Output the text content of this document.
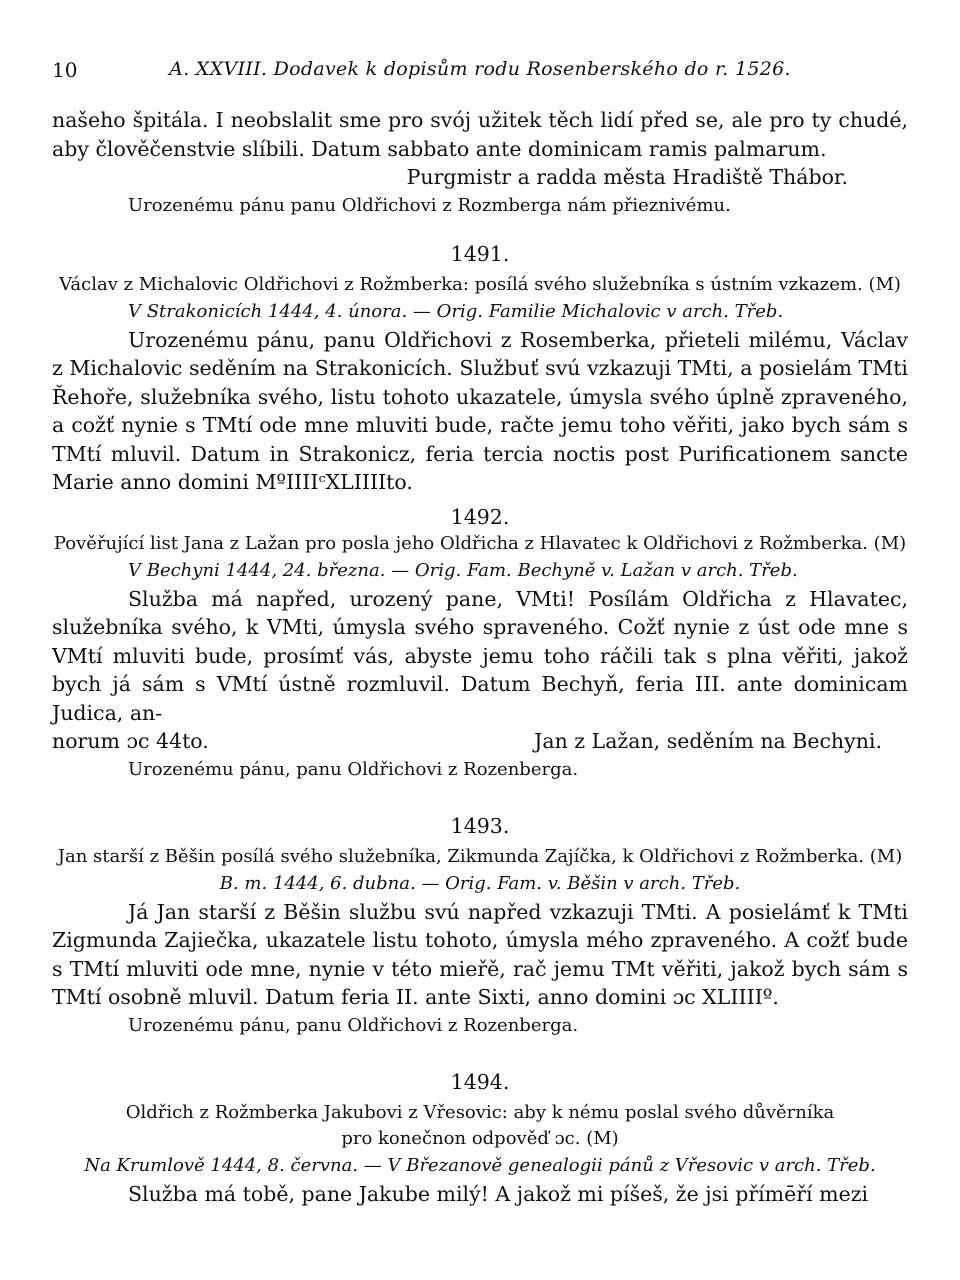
10	A. XXVIII. Dodavek k dopisům rodu Rosenberského do r. 1526.

našeho špitála. I neobslalit sme pro svój užitek těch lidí před se, ale pro ty chudé, aby člověčenstvie slíbili. Datum sabbato ante dominicam ramis palmarum.

Purgmistr a radda města Hradiště Thábor.

Urozenému pánu panu Oldřichovi z Rozmberga nám přieznivému.

1491.

Václav z Michalovic Oldřichovi z Rožmberka: posílá svého služebníka s ústním vzkazem. (M)

V Strakonicích 1444, 4. února. — Orig. Familie Michalovic v arch. Třeb.

Urozenému pánu, panu Oldřichovi z Rosemberka, přieteli milému, Václav z Michalovic seděním na Strakonicích. Službuť svú vzkazuji TMti, a posielám TMti Řehoře, služebníka svého, listu tohoto ukazatele, úmysla svého úplně zpraveného, a cožť nynie s TMtí ode mne mluviti bude, račte jemu toho věřiti, jako bych sám s TMtí mluvil. Datum in Strakonicz, feria tercia noctis post Purificationem sancte Marie anno domini MºIIIIᶜXLIIIIto.

1492.

Pověřující list Jana z Lažan pro posla jeho Oldřicha z Hlavatec k Oldřichovi z Rožmberka. (M)

V Bechyni 1444, 24. března. — Orig. Fam. Bechyně v. Lažan v arch. Třeb.

Služba má napřed, urozený pane, VMti! Posílám Oldřicha z Hlavatec, služebníka svého, k VMti, úmysla svého spraveného. Cožť nynie z úst ode mne s VMtí mluviti bude, prosímť vás, abyste jemu toho ráčili tak s plna věřiti, jakož bych já sám s VMtí ústně rozmluvil. Datum Bechyň, feria III. ante dominicam Judica, an-

norum ɔc 44to.	Jan z Lažan, seděním na Bechyni.

Urozenému pánu, panu Oldřichovi z Rozenberga.

1493.

Jan starší z Běšin posílá svého služebníka, Zikmunda Zajíčka, k Oldřichovi z Rožmberka. (M)

B. m. 1444, 6. dubna. — Orig. Fam. v. Běšin v arch. Třeb.

Já Jan starší z Běšin službu svú napřed vzkazuji TMti. A posielámť k TMti Zigmunda Zajiečka, ukazatele listu tohoto, úmysla mého zpraveného. A cožť bude s TMtí mluviti ode mne, nynie v této mieřě, rač jemu TMt věřiti, jakož bych sám s TMtí osobně mluvil. Datum feria II. ante Sixti, anno domini ɔc XLIIIIº.

Urozenému pánu, panu Oldřichovi z Rozenberga.

1494.

Oldřich z Rožmberka Jakubovi z Vřesovic: aby k nému poslal svého důvěrníka pro konečnon odpověď ɔc. (M)

Na Krumlově 1444, 8. června. — V Březanově genealogii pánů z Vřesovic v arch. Třeb.

Služba má tobě, pane Jakube milý! A jakož mi píšeš, že jsi přímēří mezi
